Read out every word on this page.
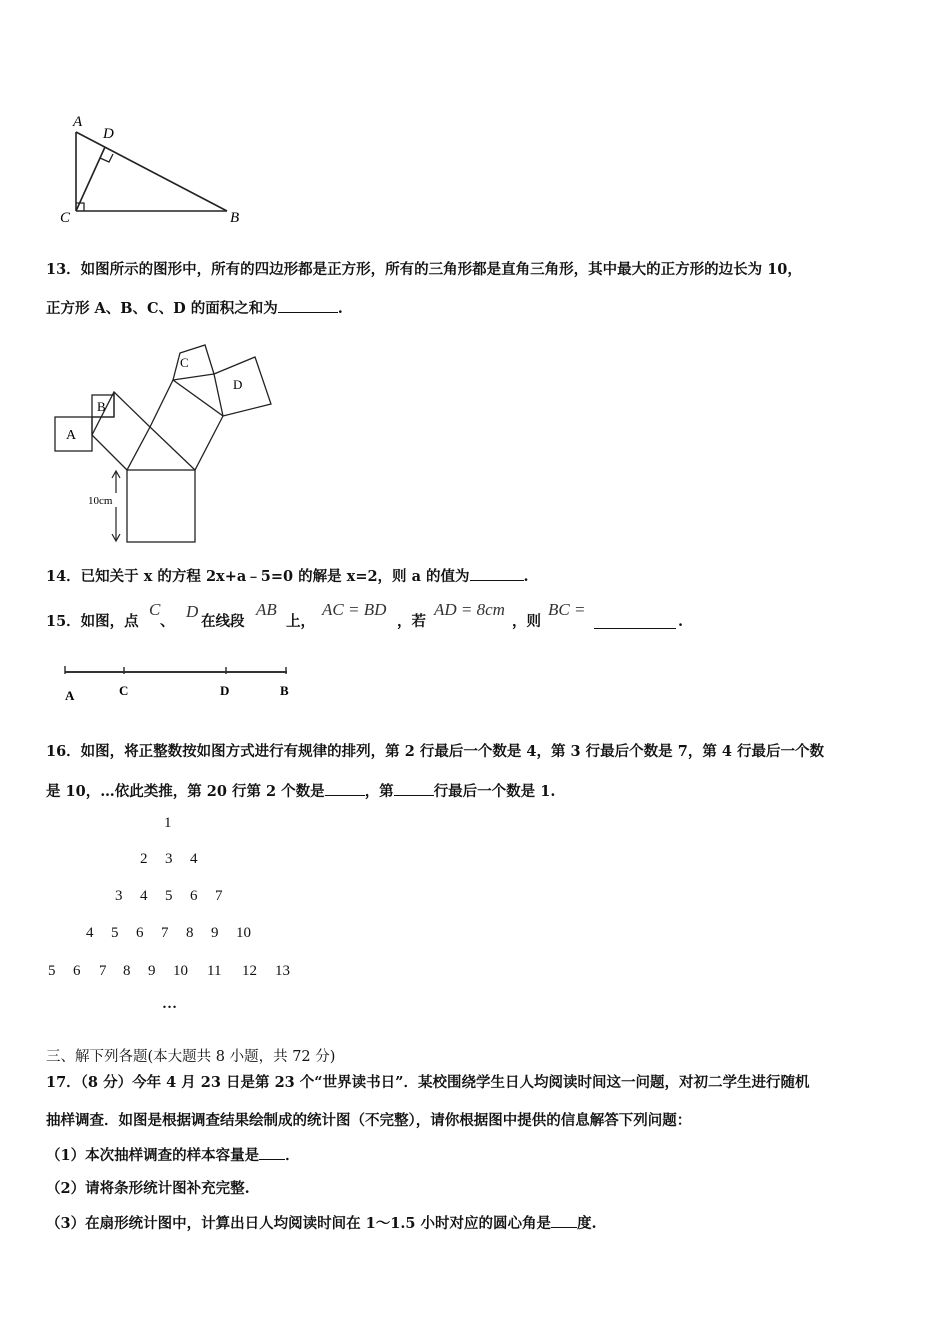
A
D
C	B
13．如图所示的图形中，所有的四边形都是正方形，所有的三角形都是直角三角形，其中最大的正方形的边长为 10，
正方形 A、B、C、D 的面积之和为	.
A
B
C
D
10cm
14．已知关于 x 的方程 2x+a﹣5=0 的解是 x=2，则 a 的值为	.
15．如图，点
C
、
D
在线段
AB
上，
AC = BD
，若
AD = 8cm
，则
BC =
.
A	C	D	B
16．如图，将正整数按如图方式进行有规律的排列，第 2 行最后一个数是 4，第 3 行最后个数是 7，第 4 行最后一个数
是 10，…依此类推，第 20 行第 2 个数是	，第	行最后一个数是 1.
1
2 3 4
3 4 5 6 7
4 5 6 7 8 9 10
5 6 7 8 9 10 11 12 13
…
三、解下列各题(本大题共 8 小题，共 72 分)
17．（8 分）今年 4 月 23 日是第 23 个“世界读书日”．某校围绕学生日人均阅读时间这一问题，对初二学生进行随机
抽样调查．如图是根据调查结果绘制成的统计图（不完整），请你根据图中提供的信息解答下列问题：
（1）本次抽样调查的样本容量是 ．
（2）请将条形统计图补充完整.
（3）在扇形统计图中，计算出日人均阅读时间在 1～1.5 小时对应的圆心角是 度.
